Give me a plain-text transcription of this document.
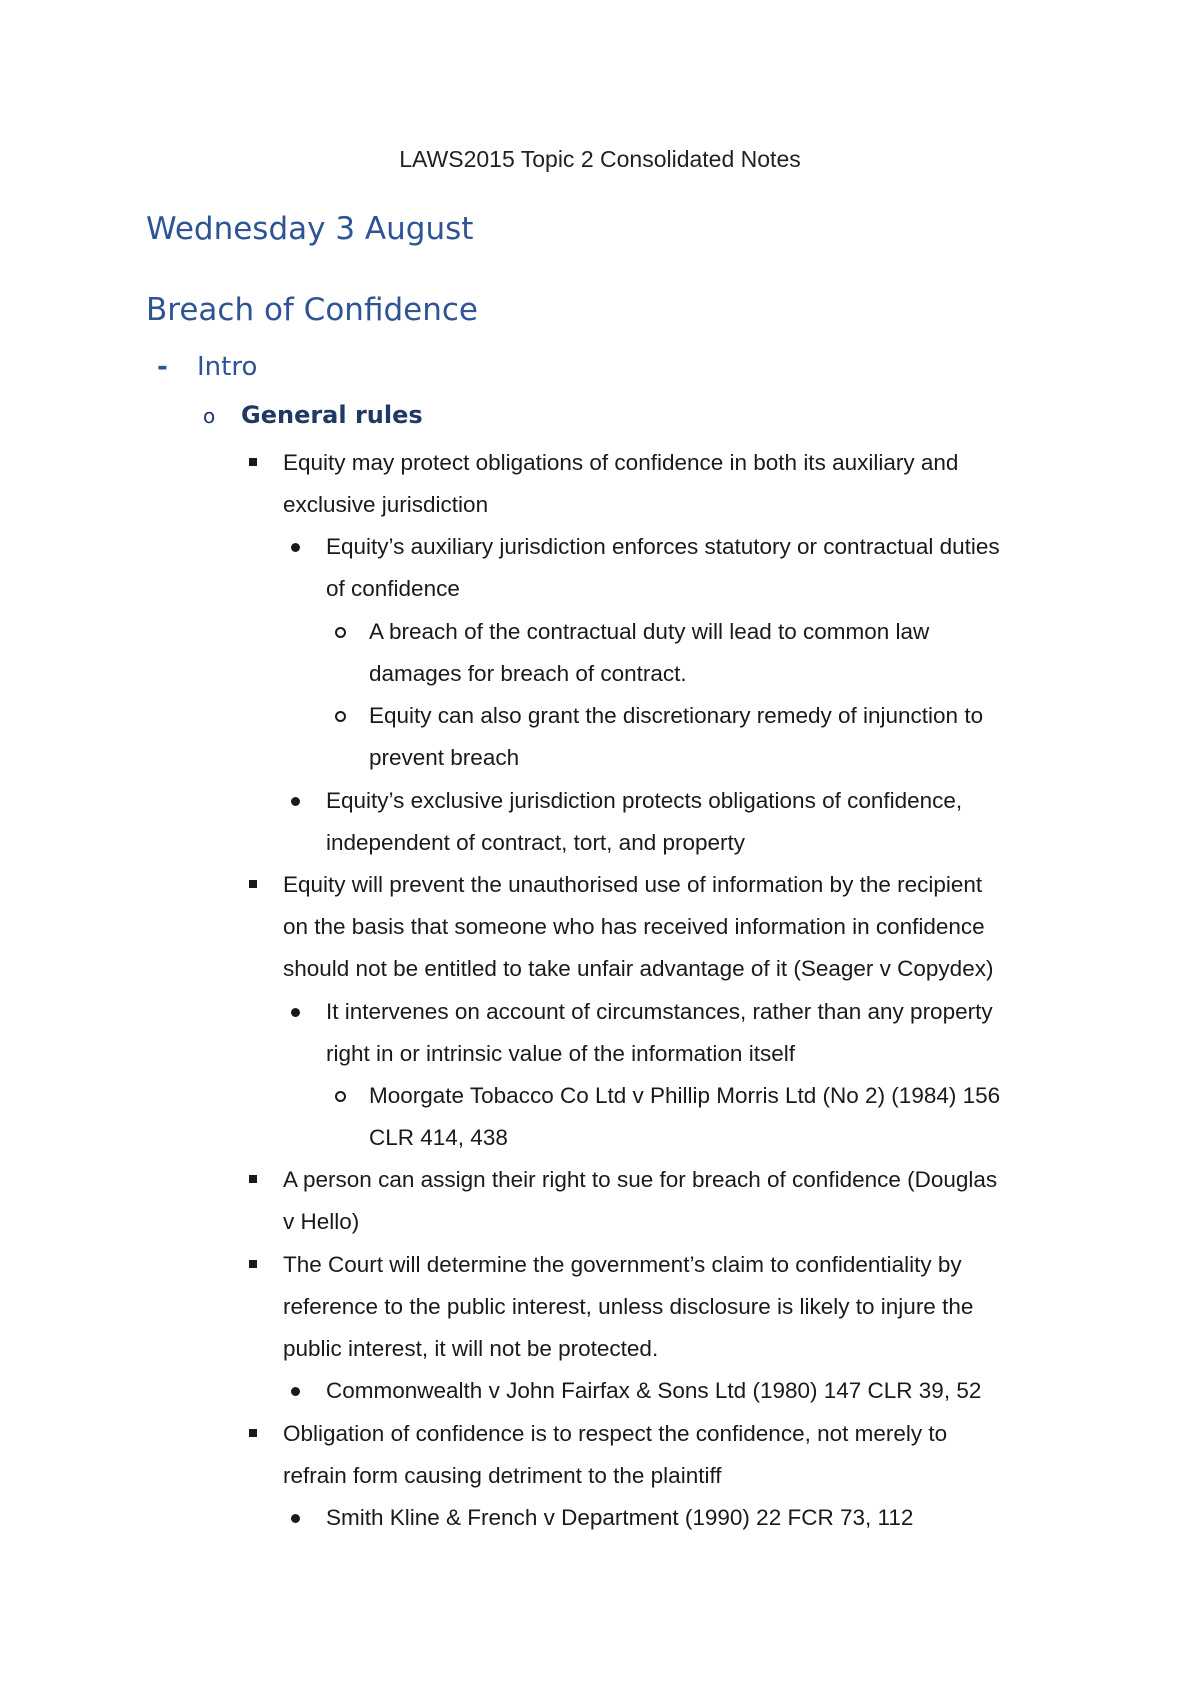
LAWS2015 Topic 2 Consolidated Notes
Wednesday 3 August
Breach of Confidence
- Intro
o General rules
Equity may protect obligations of confidence in both its auxiliary and
exclusive jurisdiction
Equity’s auxiliary jurisdiction enforces statutory or contractual duties
of confidence
A breach of the contractual duty will lead to common law
damages for breach of contract.
Equity can also grant the discretionary remedy of injunction to
prevent breach
Equity’s exclusive jurisdiction protects obligations of confidence,
independent of contract, tort, and property
Equity will prevent the unauthorised use of information by the recipient
on the basis that someone who has received information in confidence
should not be entitled to take unfair advantage of it (Seager v Copydex)
It intervenes on account of circumstances, rather than any property
right in or intrinsic value of the information itself
Moorgate Tobacco Co Ltd v Phillip Morris Ltd (No 2) (1984) 156
CLR 414, 438
A person can assign their right to sue for breach of confidence (Douglas
v Hello)
The Court will determine the government’s claim to confidentiality by
reference to the public interest, unless disclosure is likely to injure the
public interest, it will not be protected.
Commonwealth v John Fairfax & Sons Ltd (1980) 147 CLR 39, 52
Obligation of confidence is to respect the confidence, not merely to
refrain form causing detriment to the plaintiff
Smith Kline & French v Department (1990) 22 FCR 73, 112
